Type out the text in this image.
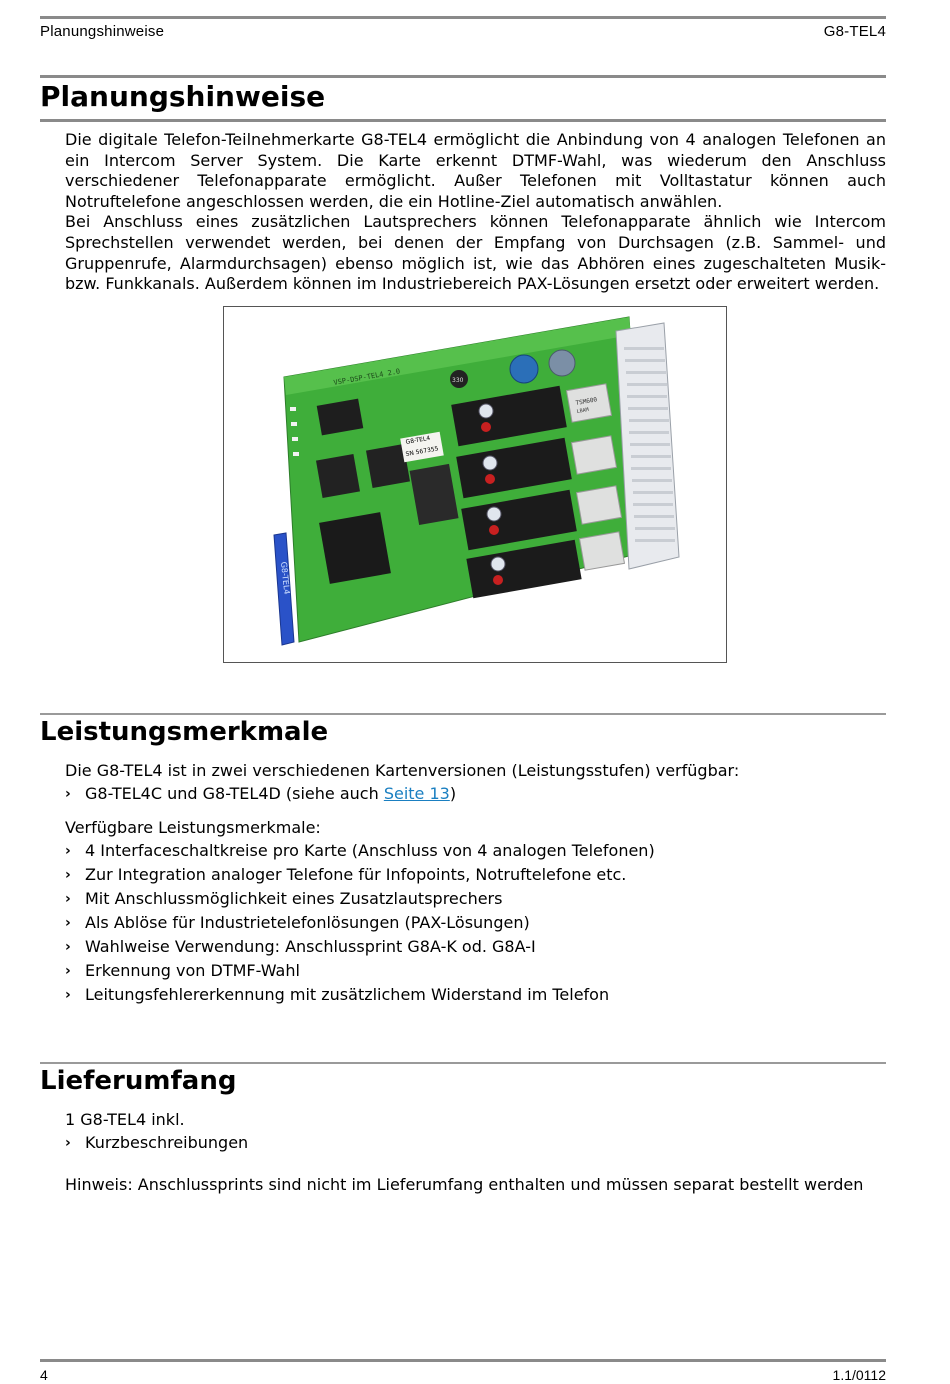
Planungshinweise	G8-TEL4
Planungshinweise

Die digitale Telefon-Teilnehmerkarte G8-TEL4 ermöglicht die Anbindung von 4 analogen Telefonen an ein Intercom Server System. Die Karte erkennt DTMF-Wahl, was wiederum den Anschluss verschiedener Telefonapparate ermöglicht. Außer Telefonen mit Volltastatur können auch Notruftelefone angeschlossen werden, die ein Hotline-Ziel automatisch anwählen.

Bei Anschluss eines zusätzlichen Lautsprechers können Telefonapparate ähnlich wie Intercom Sprechstellen verwendet werden, bei denen der Empfang von Durchsagen (z.B. Sammel- und Gruppenrufe, Alarmdurchsagen) ebenso möglich ist, wie das Abhören eines zugeschalteten Musik- bzw. Funkkanals. Außerdem können im Industriebereich PAX-Lösungen ersetzt oder erweitert werden.

G8-TEL4
VSP-DSP-TEL4 2.0
G8-TEL4
SN 567355
TSM600
LBAM
330
Leistungsmerkmale
Die G8-TEL4 ist in zwei verschiedenen Kartenversionen (Leistungsstufen) verfügbar:
› G8-TEL4C und G8-TEL4D (siehe auch Seite 13)
Verfügbare Leistungsmerkmale:
› 4 Interfaceschaltkreise pro Karte (Anschluss von 4 analogen Telefonen)
› Zur Integration analoger Telefone für Infopoints, Notruftelefone etc.
› Mit Anschlussmöglichkeit eines Zusatzlautsprechers
› Als Ablöse für Industrietelefonlösungen (PAX-Lösungen)
› Wahlweise Verwendung: Anschlussprint G8A-K od. G8A-I
› Erkennung von DTMF-Wahl
› Leitungsfehlererkennung mit zusätzlichem Widerstand im Telefon
Lieferumfang
1 G8-TEL4 inkl.
› Kurzbeschreibungen
Hinweis: Anschlussprints sind nicht im Lieferumfang enthalten und müssen separat bestellt werden
4	1.1/0112
